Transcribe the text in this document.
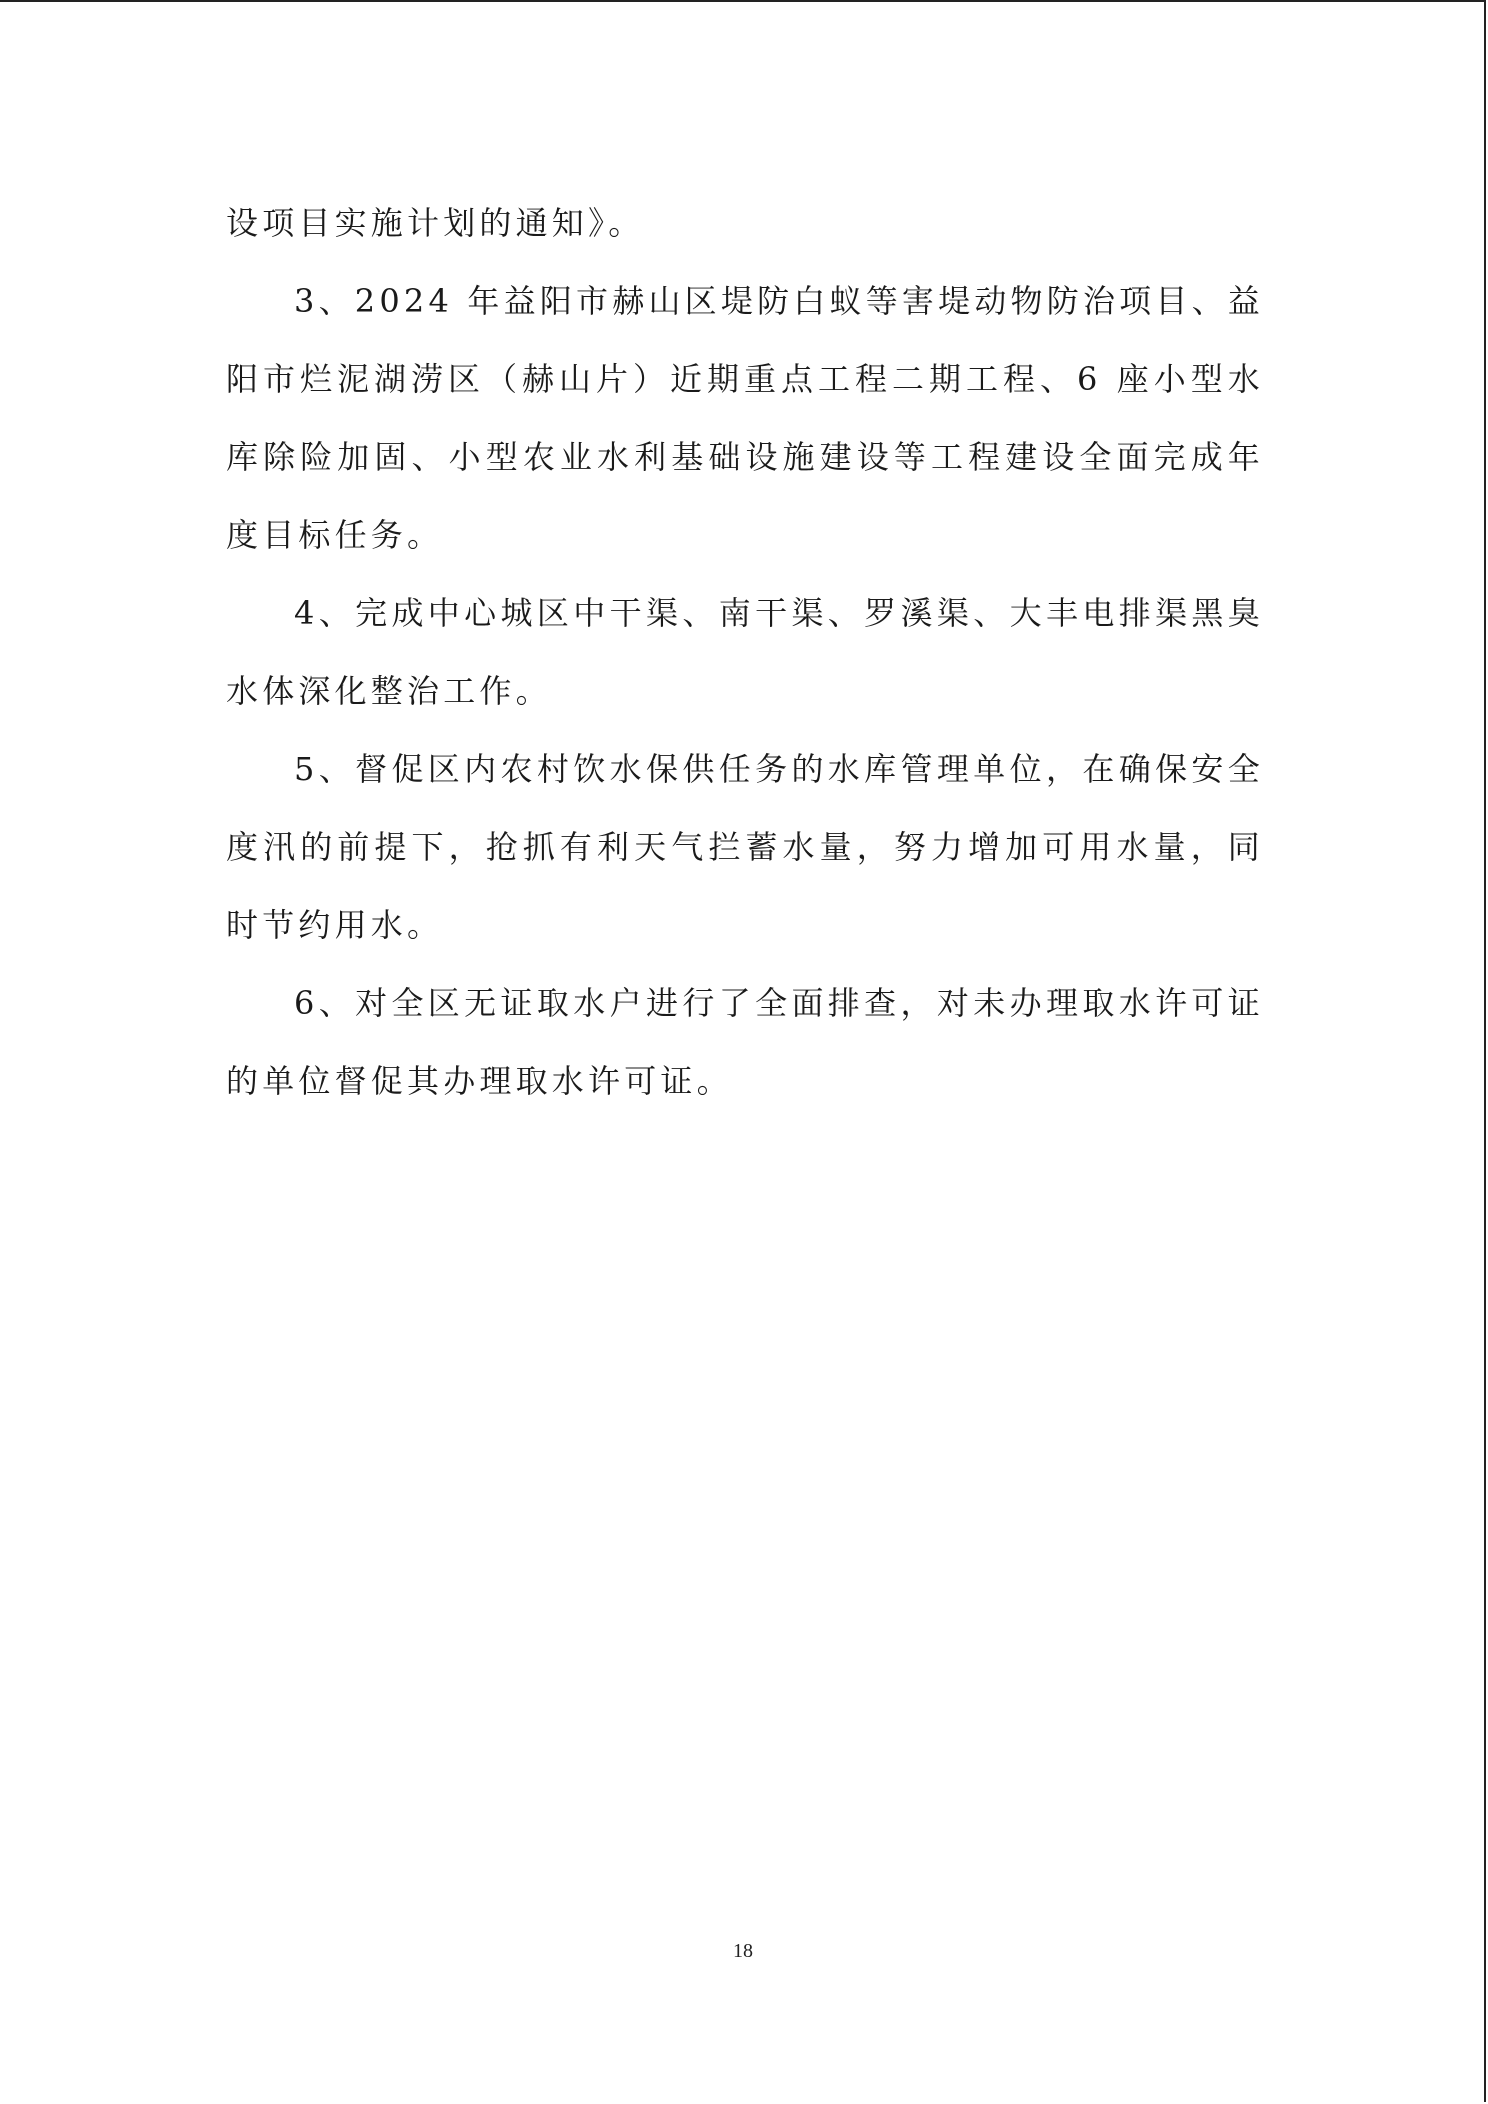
设项目实施计划的通知》。

3、2024 年益阳市赫山区堤防白蚁等害堤动物防治项目、益阳市烂泥湖涝区（赫山片）近期重点工程二期工程、6 座小型水库除险加固、小型农业水利基础设施建设等工程建设全面完成年度目标任务。

4、完成中心城区中干渠、南干渠、罗溪渠、大丰电排渠黑臭水体深化整治工作。

5、督促区内农村饮水保供任务的水库管理单位，在确保安全度汛的前提下，抢抓有利天气拦蓄水量，努力增加可用水量，同时节约用水。

6、对全区无证取水户进行了全面排查，对未办理取水许可证的单位督促其办理取水许可证。

18
